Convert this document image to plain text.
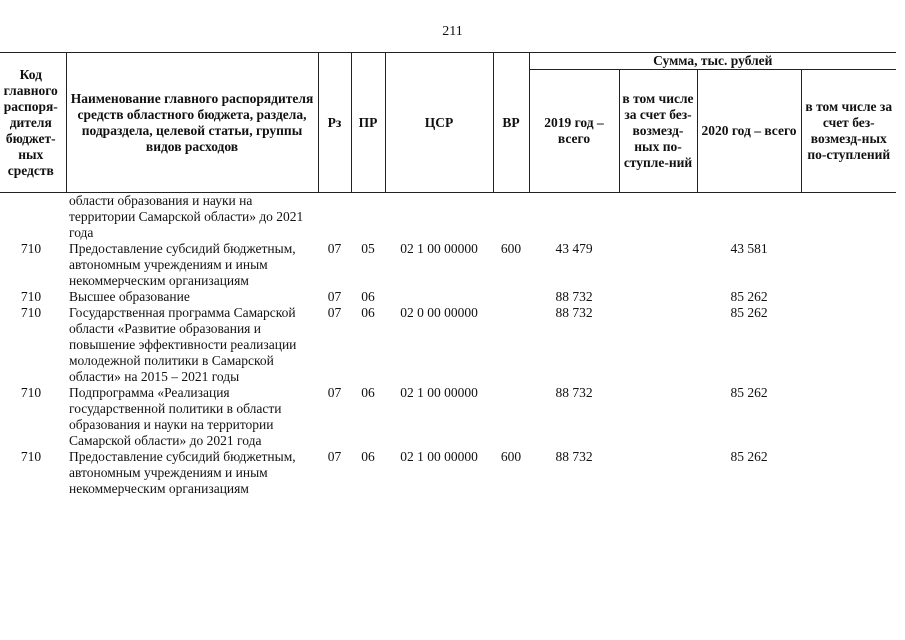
211
Код главного распоря-дителя бюджет-ных средств	Наименование главного распорядителя средств областного бюджета, раздела, подраздела, целевой статьи, группы видов расходов	Рз	ПР	ЦСР	ВР	Сумма, тыс. рублей			
						2019 год – всего	в том числе за счет без-возмезд-ных по-ступле-ний	2020 год – всего	в том числе за счет без-возмезд-ных по-ступлений
	области образования и науки на территории Самарской области» до 2021 года								
710	Предоставление субсидий бюджетным, автономным учреждениям и иным некоммерческим организациям	07	05	02 1 00 00000	600	43 479		43 581	
710	Высшее образование	07	06			88 732		85 262	
710	Государственная программа Самарской области «Развитие образования и повышение эффективности реализации молодежной политики в Самарской области» на 2015 – 2021 годы	07	06	02 0 00 00000		88 732		85 262	
710	Подпрограмма «Реализация государственной политики в области образования и науки на территории Самарской области» до 2021 года	07	06	02 1 00 00000		88 732		85 262	
710	Предоставление субсидий бюджетным, автономным учреждениям и иным некоммерческим организациям	07	06	02 1 00 00000	600	88 732		85 262	
